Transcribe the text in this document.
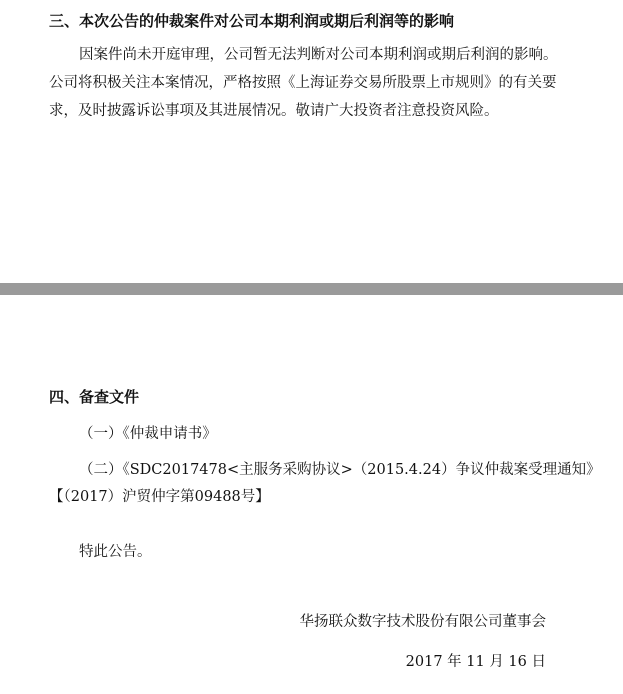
三、本次公告的仲裁案件对公司本期利润或期后利润等的影响
因案件尚未开庭审理，公司暂无法判断对公司本期利润或期后利润的影响。
公司将积极关注本案情况，严格按照《上海证券交易所股票上市规则》的有关要
求，及时披露诉讼事项及其进展情况。敬请广大投资者注意投资风险。
四、备查文件
（一）《仲裁申请书》
（二）《SDC2017478<主服务采购协议>（2015.4.24）争议仲裁案受理通知》
【（2017）沪贸仲字第09488号】
特此公告。
华扬联众数字技术股份有限公司董事会
2017 年 11 月 16 日
